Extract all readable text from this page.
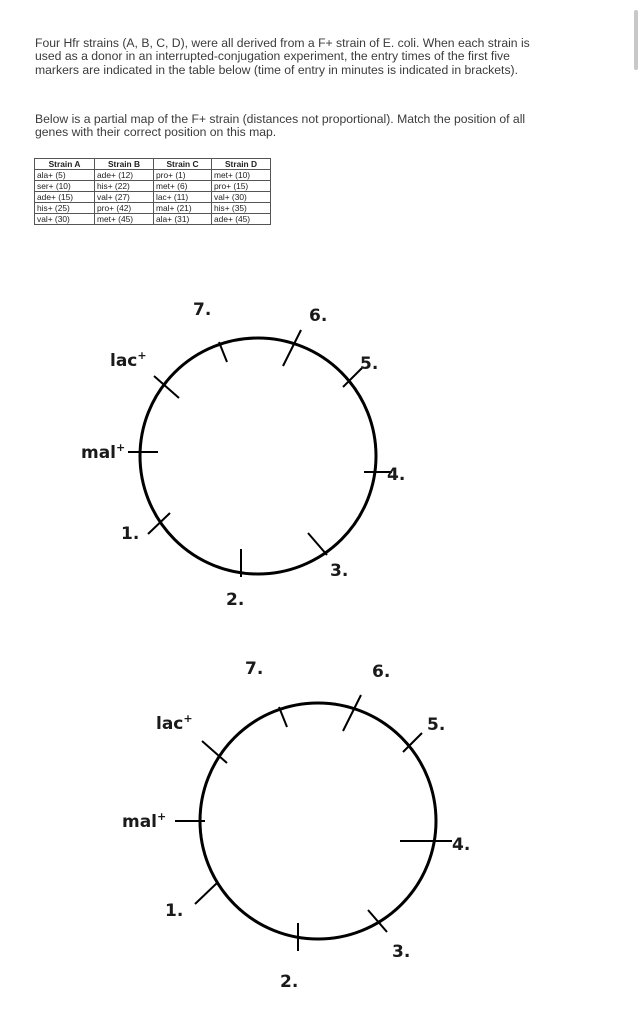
Four Hfr strains (A, B, C, D), were all derived from a F+ strain of E. coli. When each strain is used as a donor in an interrupted-conjugation experiment, the entry times of the first five markers are indicated in the table below (time of entry in minutes is indicated in brackets).

Below is a partial map of the F+ strain (distances not proportional). Match the position of all genes with their correct position on this map.

Strain A	Strain B	Strain C	Strain D
ala+ (5)	ade+ (12)	pro+ (1)	met+ (10)
ser+ (10)	his+ (22)	met+ (6)	pro+ (15)
ade+ (15)	val+ (27)	lac+ (11)	val+ (30)
his+ (25)	pro+ (42)	mal+ (21)	his+ (35)
val+ (30)	met+ (45)	ala+ (31)	ade+ (45)
7.	6.
5.
4.
3.
2.
1.
lac+
mal+
7.	6.
5.
4.
3.
2.
1.
lac+
mal+
